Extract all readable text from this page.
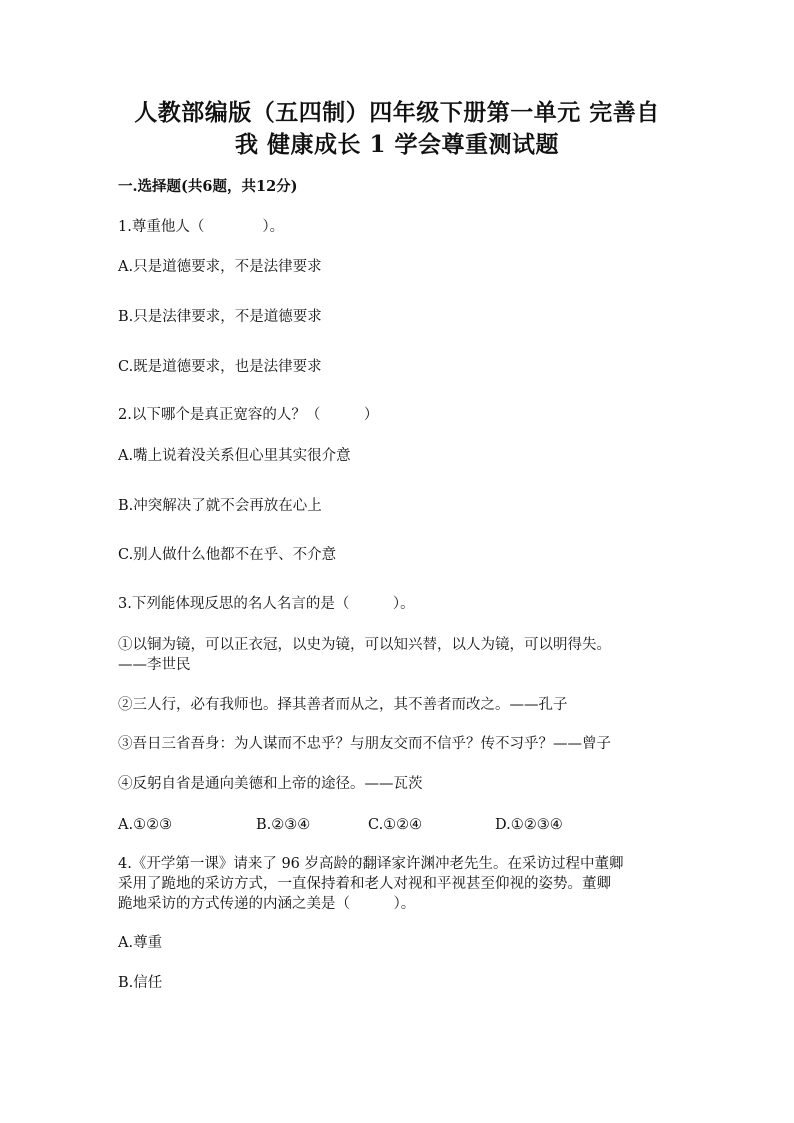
人教部编版（五四制）四年级下册第一单元 完善自
我 健康成长 1 学会尊重测试题
一.选择题(共6题，共12分)
1.尊重他人（　　　　）。
A.只是道德要求，不是法律要求
B.只是法律要求，不是道德要求
C.既是道德要求，也是法律要求
2.以下哪个是真正宽容的人？（　　　）
A.嘴上说着没关系但心里其实很介意
B.冲突解决了就不会再放在心上
C.别人做什么他都不在乎、不介意
3.下列能体现反思的名人名言的是（　　　）。
①以铜为镜，可以正衣冠，以史为镜，可以知兴替，以人为镜，可以明得失。
——李世民
②三人行，必有我师也。择其善者而从之，其不善者而改之。——孔子
③吾日三省吾身：为人谋而不忠乎？与朋友交而不信乎？传不习乎？——曾子
④反躬自省是通向美德和上帝的途径。——瓦茨
A.①②③	B.②③④	C.①②④	D.①②③④
4.《开学第一课》请来了 96 岁高龄的翻译家许渊冲老先生。在采访过程中董卿
采用了跪地的采访方式，一直保持着和老人对视和平视甚至仰视的姿势。董卿
跪地采访的方式传递的内涵之美是（　　　）。
A.尊重
B.信任
